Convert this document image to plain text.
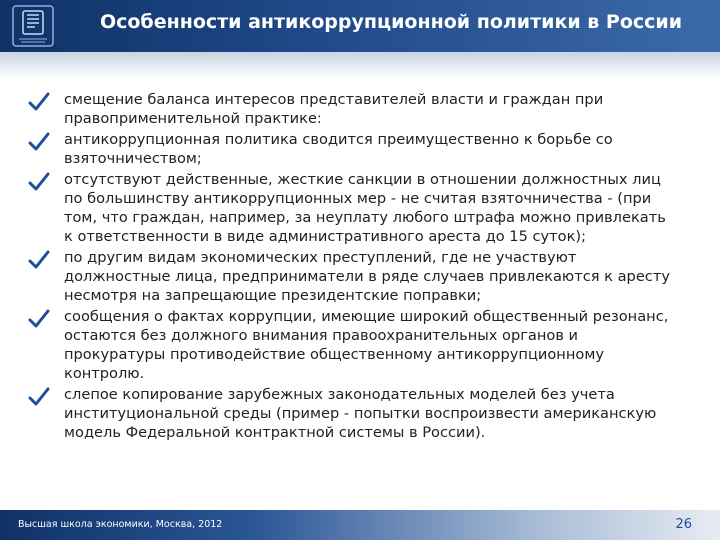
Особенности антикоррупционной политики в России
смещение баланса интересов представителей власти и граждан при правоприменительной практике:
антикоррупционная политика сводится преимущественно к борьбе со взяточничеством;
отсутствуют действенные, жесткие санкции в отношении должностных лиц по большинству антикоррупционных мер - не считая взяточничества - (при том, что граждан, например, за неуплату любого штрафа можно привлекать к ответственности в виде административного ареста до 15 суток);
по другим видам экономических преступлений, где не участвуют должностные лица, предприниматели в ряде случаев привлекаются к аресту несмотря на запрещающие президентские поправки;
сообщения о фактах коррупции, имеющие широкий общественный резонанс, остаются без должного внимания правоохранительных органов и прокуратуры противодействие общественному антикоррупционному контролю.
слепое копирование зарубежных законодательных моделей без учета институциональной среды (пример - попытки воспроизвести американскую модель Федеральной контрактной системы в России).
Высшая школа экономики, Москва, 2012	26
